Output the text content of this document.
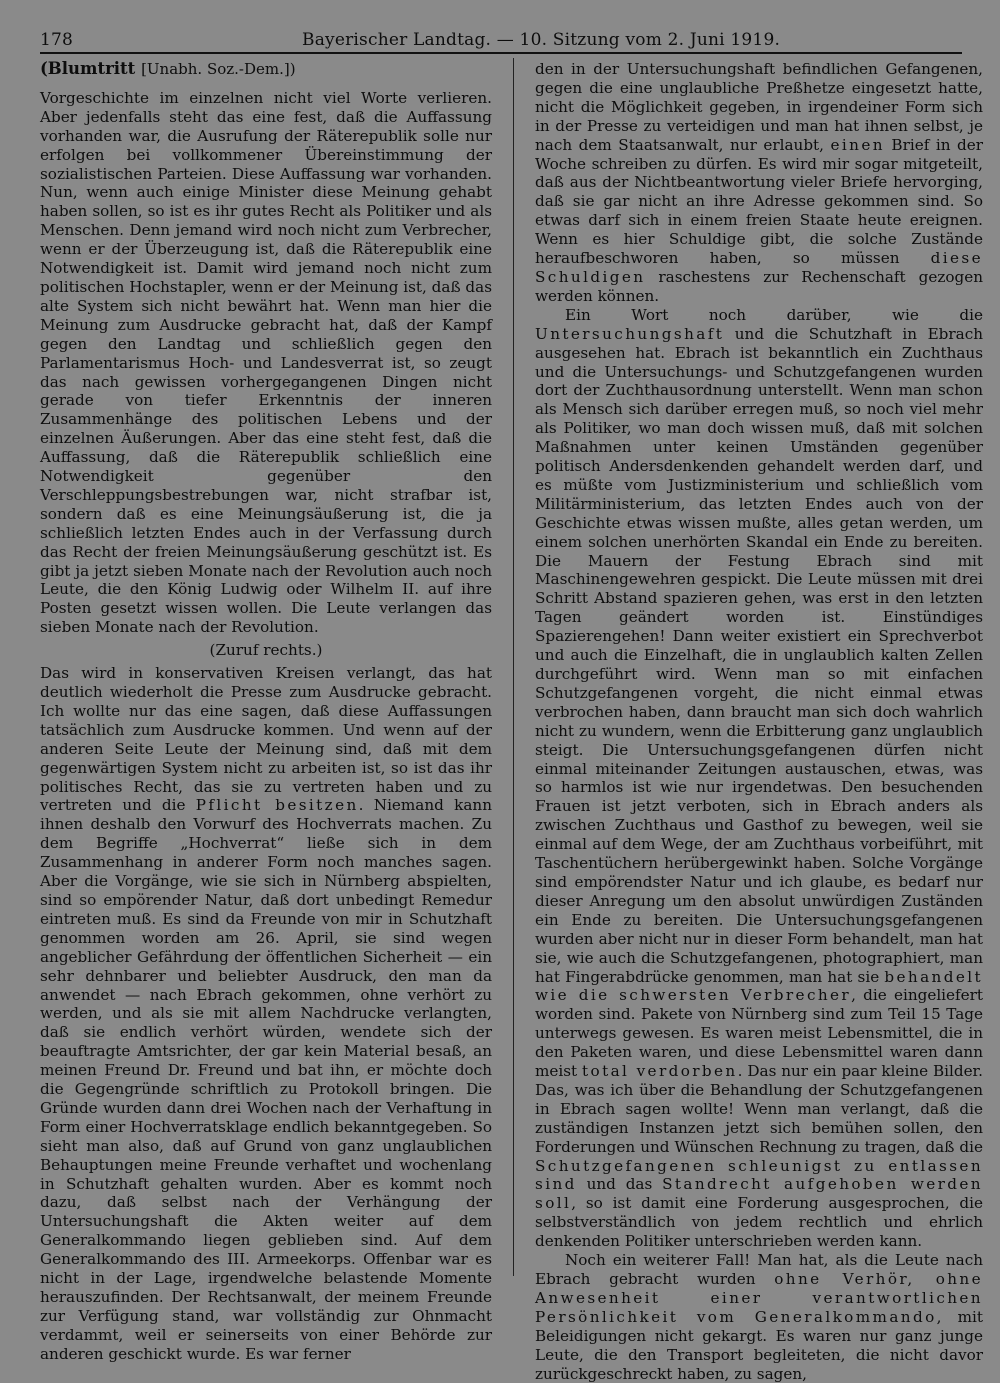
178	Bayerischer Landtag. — 10. Sitzung vom 2. Juni 1919.
(Blumtritt [Unabh. Soz.-Dem.])

Vorgeschichte im einzelnen nicht viel Worte verlieren. Aber jedenfalls steht das eine fest, daß die Auffassung vorhanden war, die Ausrufung der Räterepublik solle nur erfolgen bei vollkommener Übereinstimmung der sozialistischen Parteien. Diese Auffassung war vorhanden. Nun, wenn auch einige Minister diese Meinung gehabt haben sollen, so ist es ihr gutes Recht als Politiker und als Menschen. Denn jemand wird noch nicht zum Verbrecher, wenn er der Überzeugung ist, daß die Räterepublik eine Notwendigkeit ist. Damit wird jemand noch nicht zum politischen Hochstapler, wenn er der Meinung ist, daß das alte System sich nicht bewährt hat. Wenn man hier die Meinung zum Ausdrucke gebracht hat, daß der Kampf gegen den Landtag und schließlich gegen den Parlamentarismus Hoch- und Landesverrat ist, so zeugt das nach gewissen vorhergegangenen Dingen nicht gerade von tiefer Erkenntnis der inneren Zusammenhänge des politischen Lebens und der einzelnen Äußerungen. Aber das eine steht fest, daß die Auffassung, daß die Räterepublik schließlich eine Notwendigkeit gegenüber den Verschleppungsbestrebungen war, nicht strafbar ist, sondern daß es eine Meinungsäußerung ist, die ja schließlich letzten Endes auch in der Verfassung durch das Recht der freien Meinungsäußerung geschützt ist. Es gibt ja jetzt sieben Monate nach der Revolution auch noch Leute, die den König Ludwig oder Wilhelm II. auf ihre Posten gesetzt wissen wollen. Die Leute verlangen das sieben Monate nach der Revolution.

(Zuruf rechts.)

Das wird in konservativen Kreisen verlangt, das hat deutlich wiederholt die Presse zum Ausdrucke gebracht. Ich wollte nur das eine sagen, daß diese Auffassungen tatsächlich zum Ausdrucke kommen. Und wenn auf der anderen Seite Leute der Meinung sind, daß mit dem gegenwärtigen System nicht zu arbeiten ist, so ist das ihr politisches Recht, das sie zu vertreten haben und zu vertreten und die Pflicht besitzen. Niemand kann ihnen deshalb den Vorwurf des Hochverrats machen. Zu dem Begriffe „Hochverrat“ ließe sich in dem Zusammenhang in anderer Form noch manches sagen. Aber die Vorgänge, wie sie sich in Nürnberg abspielten, sind so empörender Natur, daß dort unbedingt Remedur eintreten muß. Es sind da Freunde von mir in Schutzhaft genommen worden am 26. April, sie sind wegen angeblicher Gefährdung der öffentlichen Sicherheit — ein sehr dehnbarer und beliebter Ausdruck, den man da anwendet — nach Ebrach gekommen, ohne verhört zu werden, und als sie mit allem Nachdrucke verlangten, daß sie endlich verhört würden, wendete sich der beauftragte Amtsrichter, der gar kein Material besaß, an meinen Freund Dr. Freund und bat ihn, er möchte doch die Gegengründe schriftlich zu Protokoll bringen. Die Gründe wurden dann drei Wochen nach der Verhaftung in Form einer Hochverratsklage endlich bekanntgegeben. So sieht man also, daß auf Grund von ganz unglaublichen Behauptungen meine Freunde verhaftet und wochenlang in Schutzhaft gehalten wurden. Aber es kommt noch dazu, daß selbst nach der Verhängung der Untersuchungshaft die Akten weiter auf dem Generalkommando liegen geblieben sind. Auf dem Generalkommando des III. Armeekorps. Offenbar war es nicht in der Lage, irgendwelche belastende Momente herauszufinden. Der Rechtsanwalt, der meinem Freunde zur Verfügung stand, war vollständig zur Ohnmacht verdammt, weil er seinerseits von einer Behörde zur anderen geschickt wurde. Es war ferner

den in der Untersuchungshaft befindlichen Gefangenen, gegen die eine unglaubliche Preßhetze eingesetzt hatte, nicht die Möglichkeit gegeben, in irgendeiner Form sich in der Presse zu verteidigen und man hat ihnen selbst, je nach dem Staatsanwalt, nur erlaubt, einen Brief in der Woche schreiben zu dürfen. Es wird mir sogar mitgeteilt, daß aus der Nichtbeantwortung vieler Briefe hervorging, daß sie gar nicht an ihre Adresse gekommen sind. So etwas darf sich in einem freien Staate heute ereignen. Wenn es hier Schuldige gibt, die solche Zustände heraufbeschworen haben, so müssen diese Schuldigen raschestens zur Rechenschaft gezogen werden können.

Ein Wort noch darüber, wie die Untersuchungshaft und die Schutzhaft in Ebrach ausgesehen hat. Ebrach ist bekanntlich ein Zuchthaus und die Untersuchungs- und Schutzgefangenen wurden dort der Zuchthausordnung unterstellt. Wenn man schon als Mensch sich darüber erregen muß, so noch viel mehr als Politiker, wo man doch wissen muß, daß mit solchen Maßnahmen unter keinen Umständen gegenüber politisch Andersdenkenden gehandelt werden darf, und es müßte vom Justizministerium und schließlich vom Militärministerium, das letzten Endes auch von der Geschichte etwas wissen mußte, alles getan werden, um einem solchen unerhörten Skandal ein Ende zu bereiten. Die Mauern der Festung Ebrach sind mit Maschinengewehren gespickt. Die Leute müssen mit drei Schritt Abstand spazieren gehen, was erst in den letzten Tagen geändert worden ist. Einstündiges Spazierengehen! Dann weiter existiert ein Sprechverbot und auch die Einzelhaft, die in unglaublich kalten Zellen durchgeführt wird. Wenn man so mit einfachen Schutzgefangenen vorgeht, die nicht einmal etwas verbrochen haben, dann braucht man sich doch wahrlich nicht zu wundern, wenn die Erbitterung ganz unglaublich steigt. Die Untersuchungsgefangenen dürfen nicht einmal miteinander Zeitungen austauschen, etwas, was so harmlos ist wie nur irgendetwas. Den besuchenden Frauen ist jetzt verboten, sich in Ebrach anders als zwischen Zuchthaus und Gasthof zu bewegen, weil sie einmal auf dem Wege, der am Zuchthaus vorbeiführt, mit Taschentüchern herübergewinkt haben. Solche Vorgänge sind empörendster Natur und ich glaube, es bedarf nur dieser Anregung um den absolut unwürdigen Zuständen ein Ende zu bereiten. Die Untersuchungsgefangenen wurden aber nicht nur in dieser Form behandelt, man hat sie, wie auch die Schutzgefangenen, photographiert, man hat Fingerabdrücke genommen, man hat sie behandelt wie die schwersten Verbrecher, die eingeliefert worden sind. Pakete von Nürnberg sind zum Teil 15 Tage unterwegs gewesen. Es waren meist Lebensmittel, die in den Paketen waren, und diese Lebensmittel waren dann meist total verdorben. Das nur ein paar kleine Bilder. Das, was ich über die Behandlung der Schutzgefangenen in Ebrach sagen wollte! Wenn man verlangt, daß die zuständigen Instanzen jetzt sich bemühen sollen, den Forderungen und Wünschen Rechnung zu tragen, daß die Schutzgefangenen schleunigst zu entlassen sind und das Standrecht aufgehoben werden soll, so ist damit eine Forderung ausgesprochen, die selbstverständlich von jedem rechtlich und ehrlich denkenden Politiker unterschrieben werden kann.

Noch ein weiterer Fall! Man hat, als die Leute nach Ebrach gebracht wurden ohne Verhör, ohne Anwesenheit einer verantwortlichen Persönlichkeit vom Generalkommando, mit Beleidigungen nicht gekargt. Es waren nur ganz junge Leute, die den Transport begleiteten, die nicht davor zurückgeschreckt haben, zu sagen,
